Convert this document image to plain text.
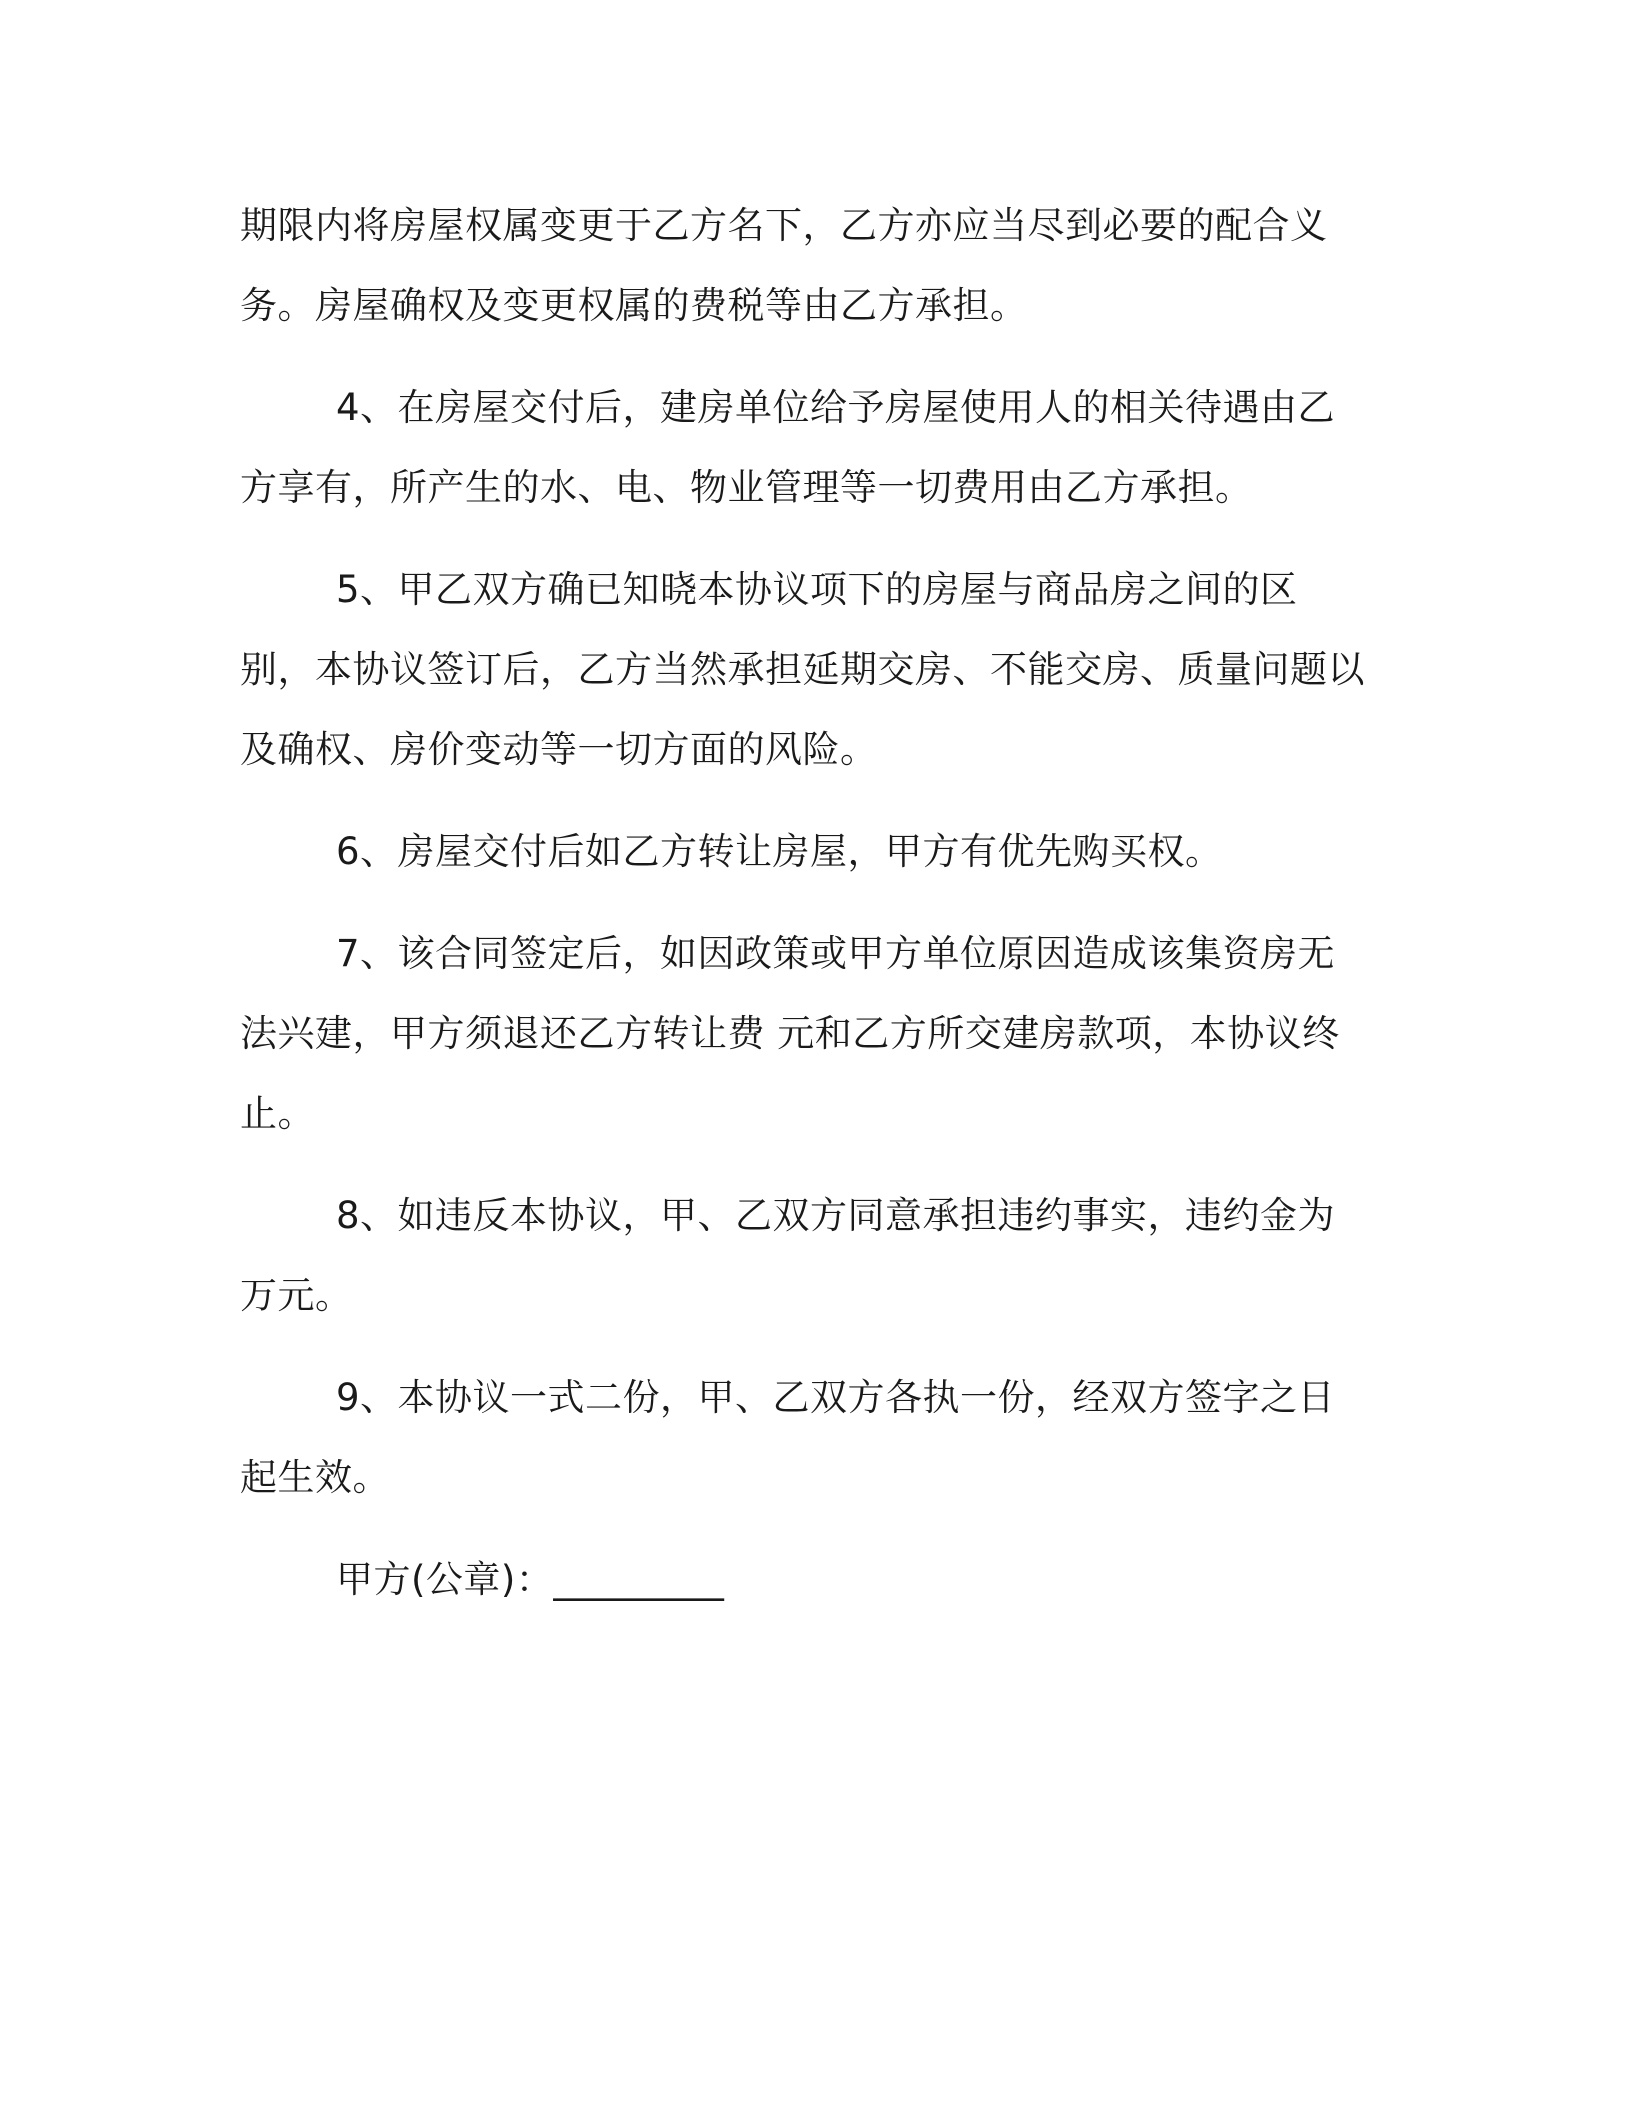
期限内将房屋权属变更于乙方名下，乙方亦应当尽到必要的配合义务。房屋确权及变更权属的费税等由乙方承担。

4、在房屋交付后，建房单位给予房屋使用人的相关待遇由乙方享有，所产生的水、电、物业管理等一切费用由乙方承担。

5、甲乙双方确已知晓本协议项下的房屋与商品房之间的区别，本协议签订后，乙方当然承担延期交房、不能交房、质量问题以及确权、房价变动等一切方面的风险。

6、房屋交付后如乙方转让房屋，甲方有优先购买权。

7、该合同签定后，如因政策或甲方单位原因造成该集资房无法兴建，甲方须退还乙方转让费 元和乙方所交建房款项，本协议终止。

8、如违反本协议，甲、乙双方同意承担违约事实，违约金为 万元。

9、本协议一式二份，甲、乙双方各执一份，经双方签字之日起生效。

甲方(公章)：_________
